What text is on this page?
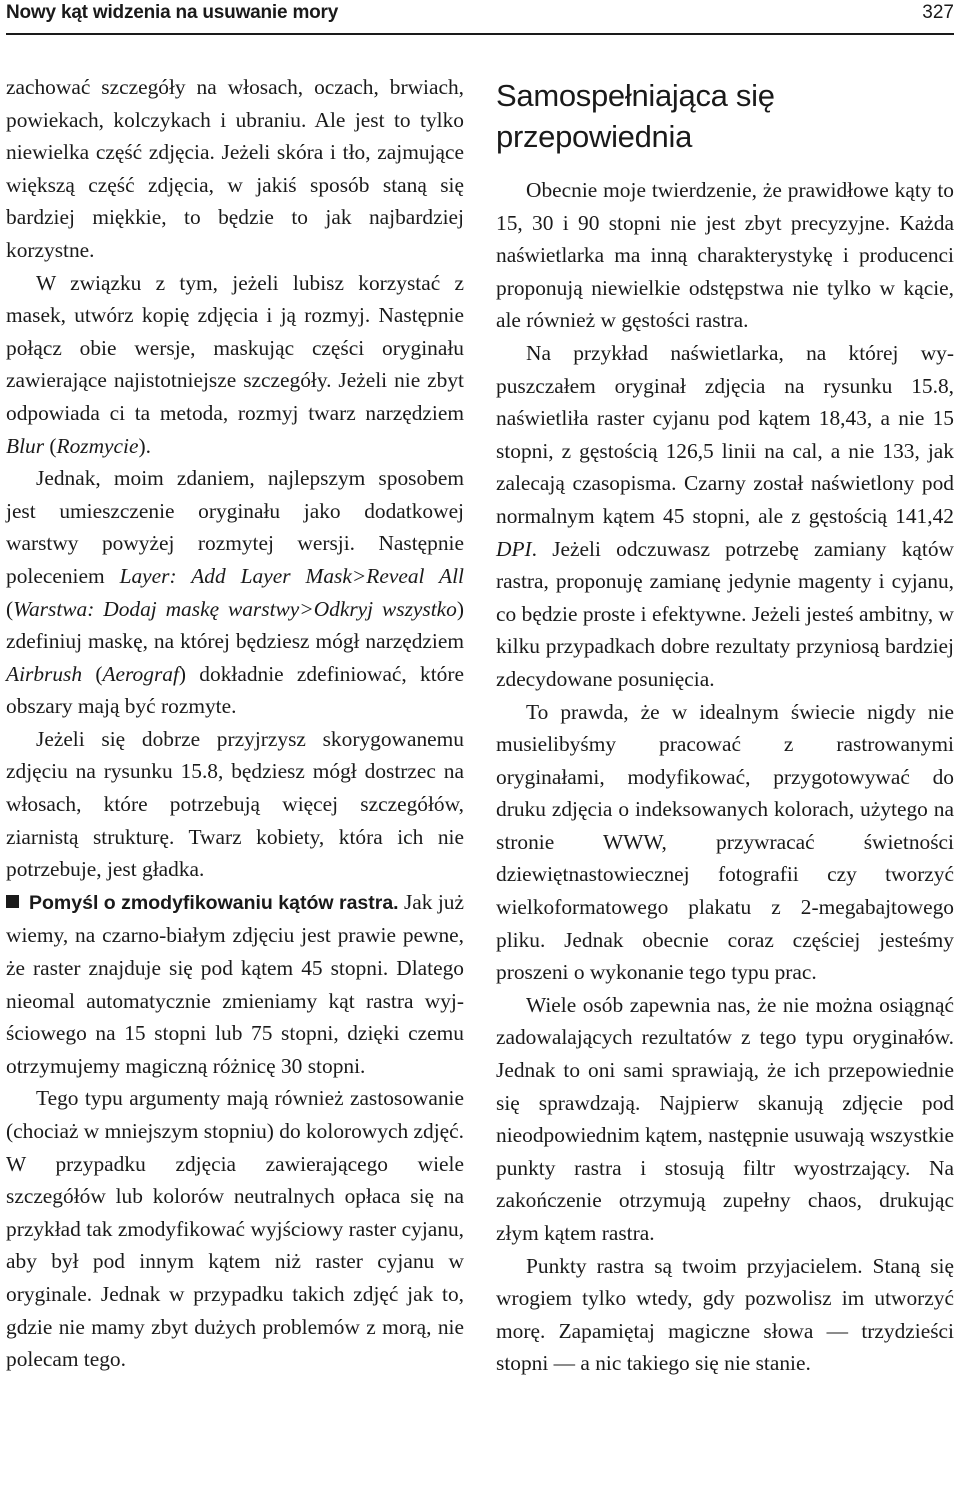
Nowy kąt widzenia na usuwanie mory	327

zachować szczegóły na włosach, oczach, brwiach, powiekach, kolczykach i ubraniu. Ale jest to tylko niewielka część zdjęcia. Jeżeli skóra i tło, zajmujące większą część zdjęcia, w jakiś sposób staną się bardziej miękkie, to będzie to jak najbardziej korzystne.

W związku z tym, jeżeli lubisz korzystać z masek, utwórz kopię zdjęcia i ją rozmyj. Następnie połącz obie wersje, maskując części oryginału zawierające najistotniejsze szczegóły. Jeżeli nie zbyt odpowiada ci ta metoda, rozmyj twarz narzędziem Blur (Rozmycie).

Jednak, moim zdaniem, najlepszym sposobem jest umieszczenie oryginału jako dodatkowej warstwy powyżej rozmytej wersji. Następnie poleceniem Layer: Add Layer Mask>Reveal All (Warstwa: Dodaj maskę warstwy>Odkryj wszystko) zdefiniuj maskę, na której będziesz mógł narzędziem Airbrush (Aerograf) dokładnie zdefiniować, które obszary mają być rozmyte.

Jeżeli się dobrze przyjrzysz skorygowanemu zdjęciu na rysunku 15.8, będziesz mógł dostrzec na włosach, które potrzebują więcej szczegółów, ziarnistą strukturę. Twarz kobiety, która ich nie potrzebuje, jest gładka.

Pomyśl o zmodyfikowaniu kątów rastra. Jak już wiemy, na czarno-białym zdjęciu jest prawie pewne, że raster znajduje się pod kątem 45 stopni. Dlatego nieomal automatycznie zmieniamy kąt rastra wyjściowego na 15 stopni lub 75 stopni, dzięki czemu otrzymujemy magiczną różnicę 30 stopni.

Tego typu argumenty mają również zastosowanie (chociaż w mniejszym stopniu) do kolorowych zdjęć. W przypadku zdjęcia zawierającego wiele szczegółów lub kolorów neutralnych opłaca się na przykład tak zmodyfikować wyjściowy raster cyjanu, aby był pod innym kątem niż raster cyjanu w oryginale. Jednak w przypadku takich zdjęć jak to, gdzie nie mamy zbyt dużych problemów z morą, nie polecam tego.

Samospełniająca się
przepowiednia

Obecnie moje twierdzenie, że prawidłowe kąty to 15, 30 i 90 stopni nie jest zbyt precyzyjne. Każda naświetlarka ma inną charakterystykę i producenci proponują niewielkie odstępstwa nie tylko w kącie, ale również w gęstości rastra.

Na przykład naświetlarka, na której wypuszczałem oryginał zdjęcia na rysunku 15.8, naświetliła raster cyjanu pod kątem 18,43, a nie 15 stopni, z gęstością 126,5 linii na cal, a nie 133, jak zalecają czasopisma. Czarny został naświetlony pod normalnym kątem 45 stopni, ale z gęstością 141,42 DPI. Jeżeli odczuwasz potrzebę zamiany kątów rastra, proponuję zamianę jedynie magenty i cyjanu, co będzie proste i efektywne. Jeżeli jesteś ambitny, w kilku przypadkach dobre rezultaty przyniosą bardziej zdecydowane posunięcia.

To prawda, że w idealnym świecie nigdy nie musielibyśmy pracować z rastrowanymi oryginałami, modyfikować, przygotowywać do druku zdjęcia o indeksowanych kolorach, użytego na stronie WWW, przywracać świetności dziewiętnastowiecznej fotografii czy tworzyć wielkoformatowego plakatu z 2-megabajtowego pliku. Jednak obecnie coraz częściej jesteśmy proszeni o wykonanie tego typu prac.

Wiele osób zapewnia nas, że nie można osiągnąć zadowalających rezultatów z tego typu oryginałów. Jednak to oni sami sprawiają, że ich przepowiednie się sprawdzają. Najpierw skanują zdjęcie pod nieodpowiednim kątem, następnie usuwają wszystkie punkty rastra i stosują filtr wyostrzający. Na zakończenie otrzymują zupełny chaos, drukując złym kątem rastra.

Punkty rastra są twoim przyjacielem. Staną się wrogiem tylko wtedy, gdy pozwolisz im utworzyć morę. Zapamiętaj magiczne słowa — trzydzieści stopni — a nic takiego się nie stanie.
